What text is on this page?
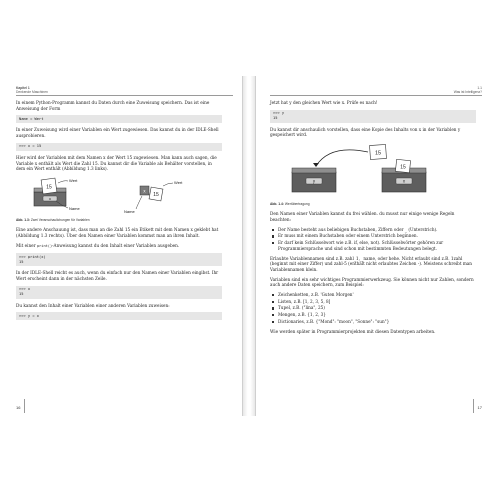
Kapitel 1
Denkende Maschinen

In einem Python-Programm kannst du Daten durch eine Zuweisung speichern. Das ist eine Anweisung der Form

Name = Wert

In einer Zuweisung wird einer Variablen ein Wert zugewiesen. Das kannst du in der IDLE-Shell ausprobieren.

>>> x = 15

Hier wird der Variablen mit dem Namen x der Wert 15 zugewiesen. Man kann auch sagen, die Variable x enthält als Wert die Zahl 15. Du kannst dir die Variable als Behälter vorstellen, in dem ein Wert enthält (Abbildung 1.3 links).

15
x
Wert
Name
x
15
Wert
Name
Abb. 1.3: Zwei Veranschaulichungen für Variablen

Eine andere Anschauung ist, dass man an die Zahl 15 ein Etikett mit dem Namen x geklebt hat (Abbildung 1.3 rechts). Über den Namen einer Variablen kommst man an ihren Inhalt.

Mit einer print()-Anweisung kannst du den Inhalt einer Variablen ausgeben.

>>> print(x)
15

In der IDLE-Shell reicht es auch, wenn du einfach nur den Namen einer Variablen eingibst. Ihr Wert erscheint dann in der nächsten Zeile.

>>> x
15

Du kannst den Inhalt einer Variablen einer anderen Variablen zuweisen:

>>> y = x
16
1.1
Was ist Intelligenz?

Jetzt hat y den gleichen Wert wie x. Prüfe es nach!

>>> y
15

Du kannst dir anschaulich vorstellen, dass eine Kopie des Inhalts von x in der Variablen y gespeichert wird.

y	x
15
15
Abb. 1.4: Wertübertragung

Den Namen einer Variablen kannst du frei wählen. du musst nur einige wenige Regeln beachten:

Der Name besteht aus beliebigen Buchstaben, Ziffern oder _ (Unterstrich).
Er muss mit einem Buchstaben oder einem Unterstrich beginnen.
Er darf kein Schlüsselwort wie z.B. if, else, not). Schlüsselwörter gehören zur Programmiersprache und sind schon mit bestimmten Bedeutungen belegt.

Erlaubte Variablennamen sind z.B. zahl_1, _name, oder hehe. Nicht erlaubt sind z.B. 1zahl (beginnt mit einer Ziffer) und zahl-5 (enthält nicht erlaubtes Zeichen -). Meistens schreibt man Variablennamen klein.

Variablen sind ein sehr wichtiges Programmierwerkzeug. Sie können nicht nur Zahlen, sondern auch andere Daten speichern, zum Beispiel:

Zeichenketten, z.B. 'Guten Morgen'
Listen, z.B. [1, 2, 3, 5, 8]
Tupel, z.B. ("lina", 25)
Mengen, z.B. {1, 2, 3}
Dictionaries, z.B. {"Mond": "moon", "Sonne": "sun"}

Wie werden später in Programmierprojekten mit diesen Datentypen arbeiten.

17
